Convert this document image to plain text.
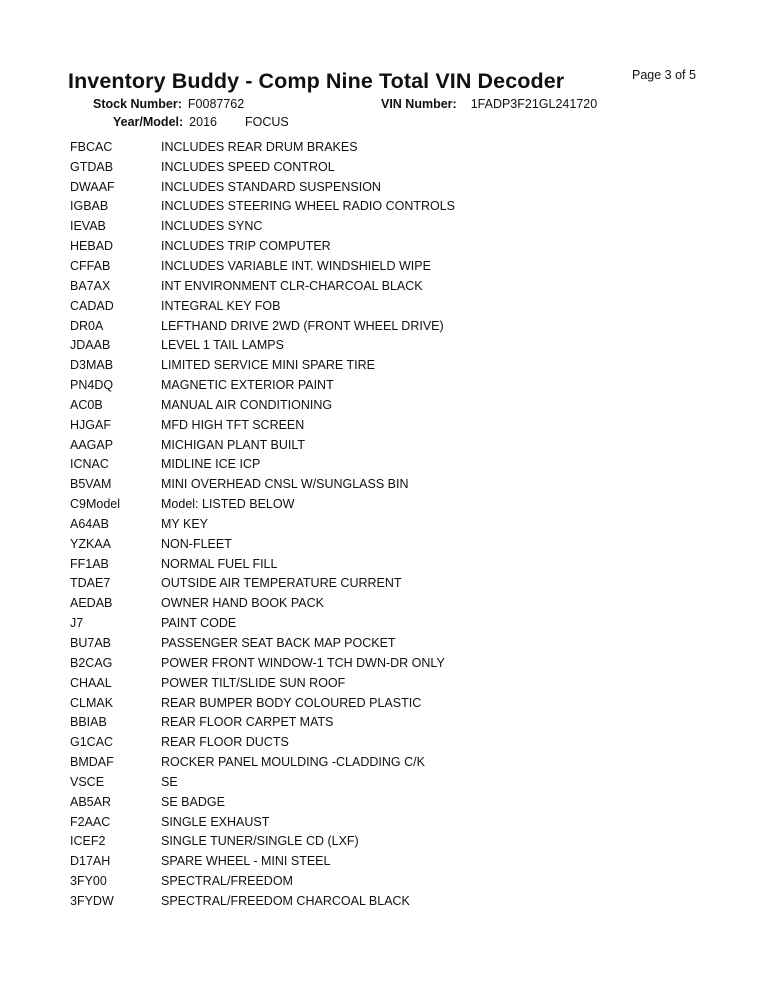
Page 3 of 5
Inventory Buddy - Comp Nine Total VIN Decoder
Stock Number: F0087762	VIN Number: 1FADP3F21GL241720
Year/Model: 2016 FOCUS
FBCAC	INCLUDES REAR DRUM BRAKES
GTDAB	INCLUDES SPEED CONTROL
DWAAF	INCLUDES STANDARD SUSPENSION
IGBAB	INCLUDES STEERING WHEEL RADIO CONTROLS
IEVAB	INCLUDES SYNC
HEBAD	INCLUDES TRIP COMPUTER
CFFAB	INCLUDES VARIABLE INT. WINDSHIELD WIPE
BA7AX	INT ENVIRONMENT CLR-CHARCOAL BLACK
CADAD	INTEGRAL KEY FOB
DR0A	LEFTHAND DRIVE 2WD (FRONT WHEEL DRIVE)
JDAAB	LEVEL 1 TAIL LAMPS
D3MAB	LIMITED SERVICE MINI SPARE TIRE
PN4DQ	MAGNETIC EXTERIOR PAINT
AC0B	MANUAL AIR CONDITIONING
HJGAF	MFD HIGH TFT SCREEN
AAGAP	MICHIGAN PLANT BUILT
ICNAC	MIDLINE ICE ICP
B5VAM	MINI OVERHEAD CNSL W/SUNGLASS BIN
C9Model	Model: LISTED BELOW
A64AB	MY KEY
YZKAA	NON-FLEET
FF1AB	NORMAL FUEL FILL
TDAE7	OUTSIDE AIR TEMPERATURE CURRENT
AEDAB	OWNER HAND BOOK PACK
J7	PAINT CODE
BU7AB	PASSENGER SEAT BACK MAP POCKET
B2CAG	POWER FRONT WINDOW-1 TCH DWN-DR ONLY
CHAAL	POWER TILT/SLIDE SUN ROOF
CLMAK	REAR BUMPER BODY COLOURED PLASTIC
BBIAB	REAR FLOOR CARPET MATS
G1CAC	REAR FLOOR DUCTS
BMDAF	ROCKER PANEL MOULDING -CLADDING C/K
VSCE	SE
AB5AR	SE BADGE
F2AAC	SINGLE EXHAUST
ICEF2	SINGLE TUNER/SINGLE CD (LXF)
D17AH	SPARE WHEEL - MINI STEEL
3FY00	SPECTRAL/FREEDOM
3FYDW	SPECTRAL/FREEDOM CHARCOAL BLACK
